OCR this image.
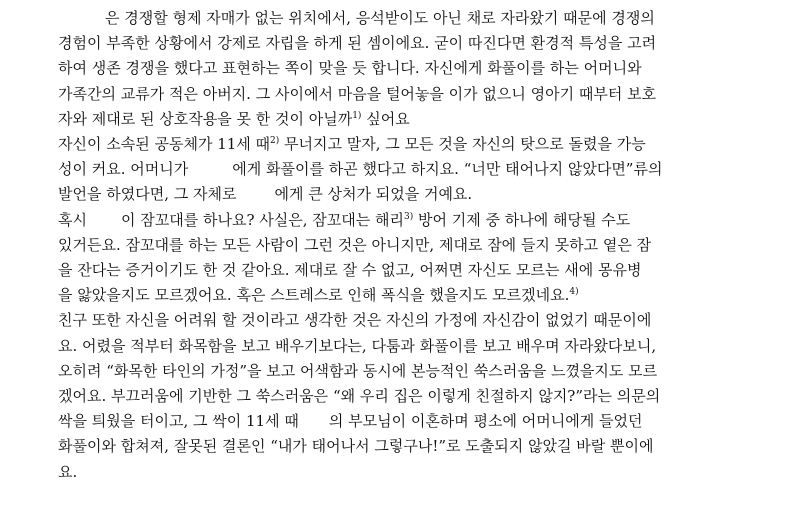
은 경쟁할 형제 자매가 없는 위치에서, 응석받이도 아닌 채로 자라왔기 때문에 경쟁의
경험이 부족한 상황에서 강제로 자립을 하게 된 셈이에요. 굳이 따진다면 환경적 특성을 고려
하여 생존 경쟁을 했다고 표현하는 쪽이 맞을 듯 합니다. 자신에게 화풀이를 하는 어머니와
가족간의 교류가 적은 아버지. 그 사이에서 마음을 털어놓을 이가 없으니 영아기 때부터 보호
자와 제대로 된 상호작용을 못 한 것이 아닐까$^{1)}$ 싶어요
자신이 소속된 공동체가 11세 때$^{2)}$ 무너지고 말자, 그 모든 것을 자신의 탓으로 돌렸을 가능
성이 커요. 어머니가	에게 화풀이를 하곤 했다고 하지요. “너만 태어나지 않았다면”류의
발언을 하였다면, 그 자체로	에게 큰 상처가 되었을 거예요.
혹시 이 잠꼬대를 하나요? 사실은, 잠꼬대는 해리$^{3)}$ 방어 기제 중 하나에 해당될 수도
있거든요. 잠꼬대를 하는 모든 사람이 그런 것은 아니지만, 제대로 잠에 들지 못하고 옅은 잠
을 잔다는 증거이기도 한 것 같아요. 제대로 잘 수 없고, 어쩌면 자신도 모르는 새에 몽유병
을 앓았을지도 모르겠어요. 혹은 스트레스로 인해 폭식을 했을지도 모르겠네요.$^{4)}$
친구 또한 자신을 어려워 할 것이라고 생각한 것은 자신의 가정에 자신감이 없었기 때문이에
요. 어렸을 적부터 화목함을 보고 배우기보다는, 다툼과 화풀이를 보고 배우며 자라왔다보니,
오히려 “화목한 타인의 가정”을 보고 어색함과 동시에 본능적인 쑥스러움을 느꼈을지도 모르
겠어요. 부끄러움에 기반한 그 쑥스러움은 “왜 우리 집은 이렇게 친절하지 않지?”라는 의문의
싹을 틔웠을 터이고, 그 싹이 11세 때 의 부모님이 이혼하며 평소에 어머니에게 들었던
화풀이와 합쳐져, 잘못된 결론인 “내가 태어나서 그렇구나!”로 도출되지 않았길 바랄 뿐이에
요.
